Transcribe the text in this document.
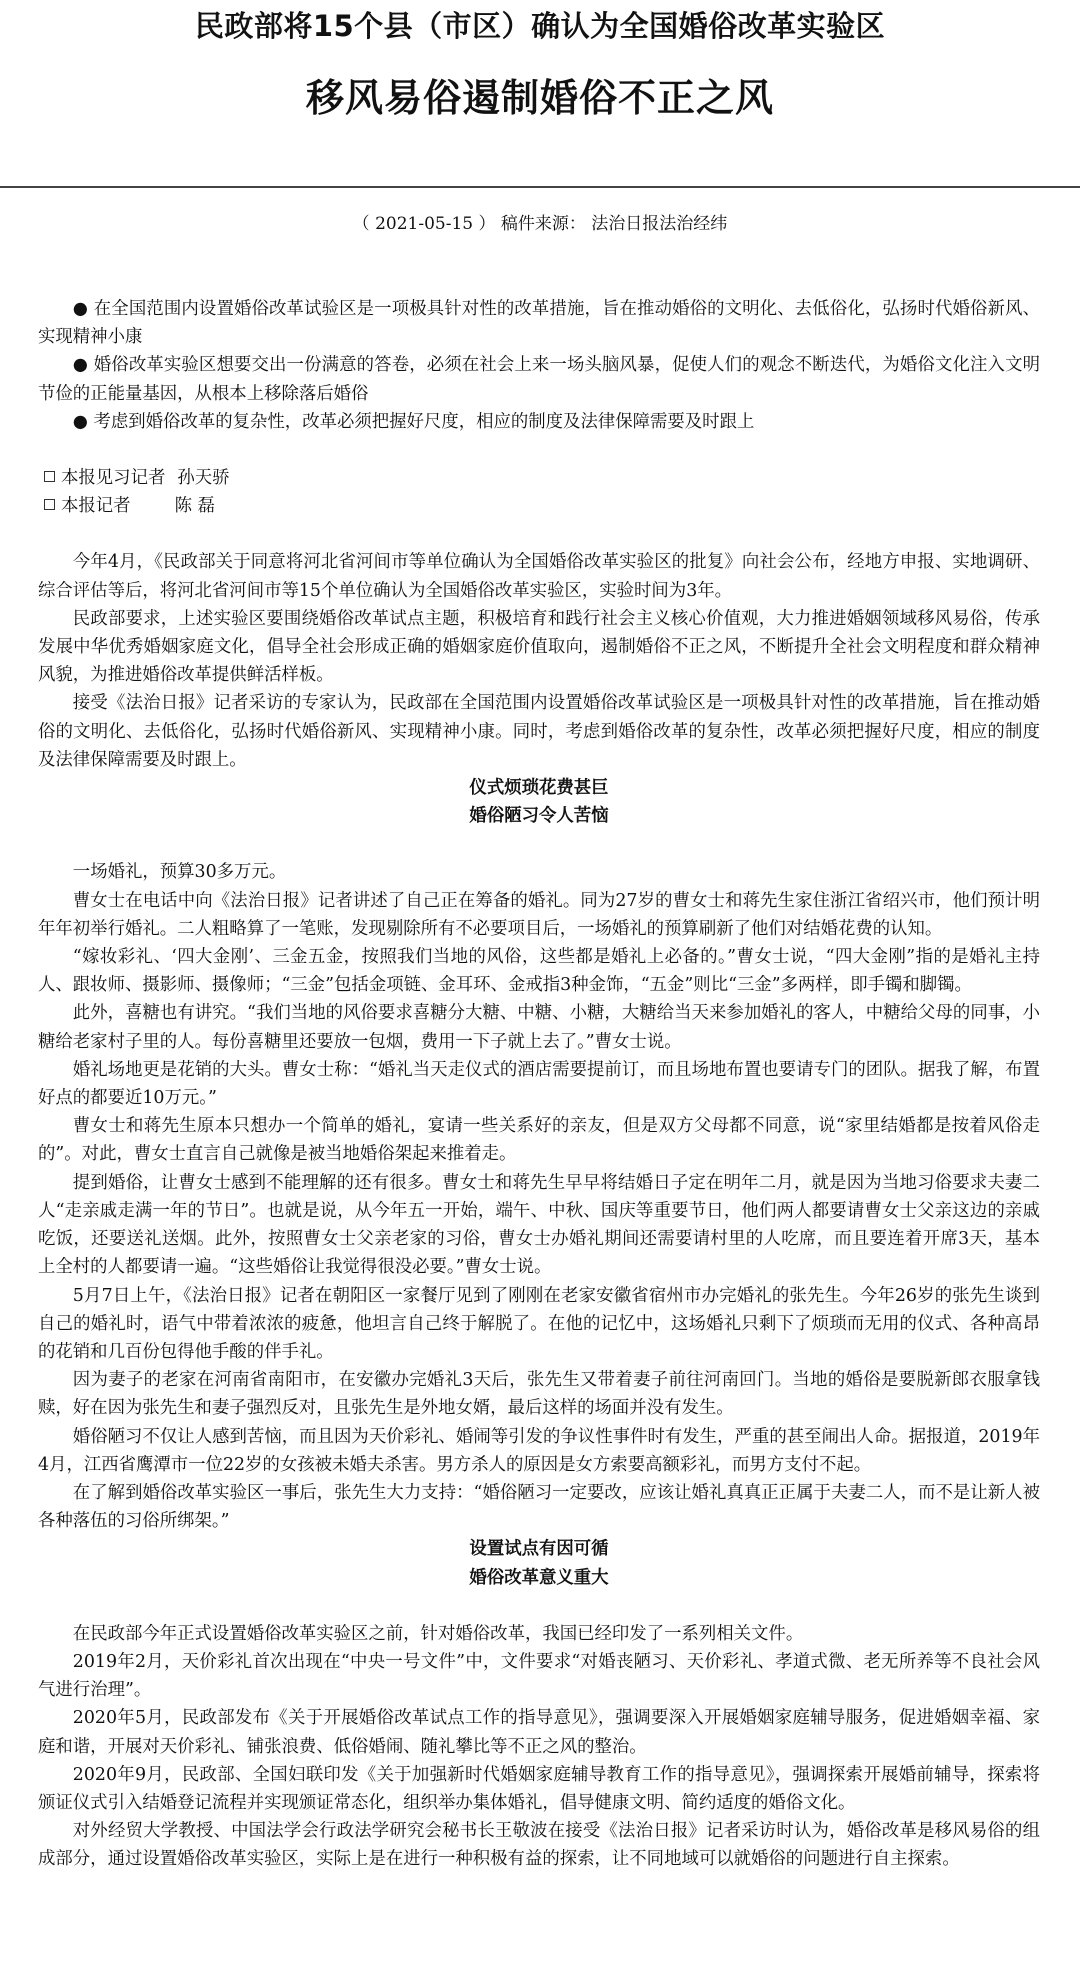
民政部将15个县（市区）确认为全国婚俗改革实验区
移风易俗遏制婚俗不正之风
（ 2021-05-15 ） 稿件来源： 法治日报法治经纬

● 在全国范围内设置婚俗改革试验区是一项极具针对性的改革措施，旨在推动婚俗的文明化、去低俗化，弘扬时代婚俗新风、实现精神小康

● 婚俗改革实验区想要交出一份满意的答卷，必须在社会上来一场头脑风暴，促使人们的观念不断迭代，为婚俗文化注入文明节俭的正能量基因，从根本上移除落后婚俗

● 考虑到婚俗改革的复杂性，改革必须把握好尺度，相应的制度及法律保障需要及时跟上

本报见习记者 孙天骄

本报记者	陈 磊

今年4月，《民政部关于同意将河北省河间市等单位确认为全国婚俗改革实验区的批复》向社会公布，经地方申报、实地调研、综合评估等后，将河北省河间市等15个单位确认为全国婚俗改革实验区，实验时间为3年。

民政部要求，上述实验区要围绕婚俗改革试点主题，积极培育和践行社会主义核心价值观，大力推进婚姻领域移风易俗，传承发展中华优秀婚姻家庭文化，倡导全社会形成正确的婚姻家庭价值取向，遏制婚俗不正之风，不断提升全社会文明程度和群众精神风貌，为推进婚俗改革提供鲜活样板。

接受《法治日报》记者采访的专家认为，民政部在全国范围内设置婚俗改革试验区是一项极具针对性的改革措施，旨在推动婚俗的文明化、去低俗化，弘扬时代婚俗新风、实现精神小康。同时，考虑到婚俗改革的复杂性，改革必须把握好尺度，相应的制度及法律保障需要及时跟上。

仪式烦琐花费甚巨

婚俗陋习令人苦恼

一场婚礼，预算30多万元。

曹女士在电话中向《法治日报》记者讲述了自己正在筹备的婚礼。同为27岁的曹女士和蒋先生家住浙江省绍兴市，他们预计明年年初举行婚礼。二人粗略算了一笔账，发现剔除所有不必要项目后，一场婚礼的预算刷新了他们对结婚花费的认知。

“嫁妆彩礼、‘四大金刚’、三金五金，按照我们当地的风俗，这些都是婚礼上必备的。”曹女士说，“四大金刚”指的是婚礼主持人、跟妆师、摄影师、摄像师；“三金”包括金项链、金耳环、金戒指3种金饰，“五金”则比“三金”多两样，即手镯和脚镯。

此外，喜糖也有讲究。“我们当地的风俗要求喜糖分大糖、中糖、小糖，大糖给当天来参加婚礼的客人，中糖给父母的同事，小糖给老家村子里的人。每份喜糖里还要放一包烟，费用一下子就上去了。”曹女士说。

婚礼场地更是花销的大头。曹女士称：“婚礼当天走仪式的酒店需要提前订，而且场地布置也要请专门的团队。据我了解，布置好点的都要近10万元。”

曹女士和蒋先生原本只想办一个简单的婚礼，宴请一些关系好的亲友，但是双方父母都不同意，说“家里结婚都是按着风俗走的”。对此，曹女士直言自己就像是被当地婚俗架起来推着走。

提到婚俗，让曹女士感到不能理解的还有很多。曹女士和蒋先生早早将结婚日子定在明年二月，就是因为当地习俗要求夫妻二人“走亲戚走满一年的节日”。也就是说，从今年五一开始，端午、中秋、国庆等重要节日，他们两人都要请曹女士父亲这边的亲戚吃饭，还要送礼送烟。此外，按照曹女士父亲老家的习俗，曹女士办婚礼期间还需要请村里的人吃席，而且要连着开席3天，基本上全村的人都要请一遍。“这些婚俗让我觉得很没必要。”曹女士说。

5月7日上午，《法治日报》记者在朝阳区一家餐厅见到了刚刚在老家安徽省宿州市办完婚礼的张先生。今年26岁的张先生谈到自己的婚礼时，语气中带着浓浓的疲惫，他坦言自己终于解脱了。在他的记忆中，这场婚礼只剩下了烦琐而无用的仪式、各种高昂的花销和几百份包得他手酸的伴手礼。

因为妻子的老家在河南省南阳市，在安徽办完婚礼3天后，张先生又带着妻子前往河南回门。当地的婚俗是要脱新郎衣服拿钱赎，好在因为张先生和妻子强烈反对，且张先生是外地女婿，最后这样的场面并没有发生。

婚俗陋习不仅让人感到苦恼，而且因为天价彩礼、婚闹等引发的争议性事件时有发生，严重的甚至闹出人命。据报道，2019年4月，江西省鹰潭市一位22岁的女孩被未婚夫杀害。男方杀人的原因是女方索要高额彩礼，而男方支付不起。

在了解到婚俗改革实验区一事后，张先生大力支持：“婚俗陋习一定要改，应该让婚礼真真正正属于夫妻二人，而不是让新人被各种落伍的习俗所绑架。”

设置试点有因可循

婚俗改革意义重大

在民政部今年正式设置婚俗改革实验区之前，针对婚俗改革，我国已经印发了一系列相关文件。

2019年2月，天价彩礼首次出现在“中央一号文件”中，文件要求“对婚丧陋习、天价彩礼、孝道式微、老无所养等不良社会风气进行治理”。

2020年5月，民政部发布《关于开展婚俗改革试点工作的指导意见》，强调要深入开展婚姻家庭辅导服务，促进婚姻幸福、家庭和谐，开展对天价彩礼、铺张浪费、低俗婚闹、随礼攀比等不正之风的整治。

2020年9月，民政部、全国妇联印发《关于加强新时代婚姻家庭辅导教育工作的指导意见》，强调探索开展婚前辅导，探索将颁证仪式引入结婚登记流程并实现颁证常态化，组织举办集体婚礼，倡导健康文明、简约适度的婚俗文化。

对外经贸大学教授、中国法学会行政法学研究会秘书长王敬波在接受《法治日报》记者采访时认为，婚俗改革是移风易俗的组成部分，通过设置婚俗改革实验区，实际上是在进行一种积极有益的探索，让不同地域可以就婚俗的问题进行自主探索。
